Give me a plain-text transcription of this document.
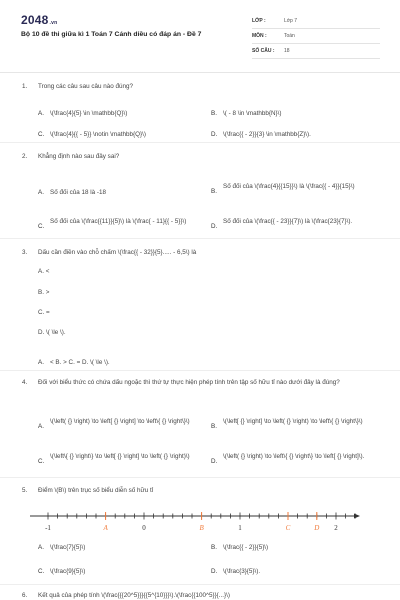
2048.vn
Bộ 10 đề thi giữa kì 1 Toán 7 Cánh diều có đáp án - Đề 7
LỚP :	Lớp 7
MÔN :	Toán
SỐ CÂU :	18
1.	Trong các câu sau câu nào đúng?
A. \(\frac{4}{5} \in \mathbb{Q}\)	B. \( - 8 \in \mathbb{N}\)
C. \(\frac{4}{{ - 5}} \notin \mathbb{Q}\)	D. \(\frac{{ - 2}}{3} \in \mathbb{Z}\).
2.	Khẳng định nào sau đây sai?
A. Số đối của 18 là -18	B.
Số đối của \(\frac{4}{{15}}\) là \(\frac{{ - 4}}{15}\)
C.
Số đối của \(\frac{{11}}{5}\) là \(\frac{ - 11}{{ - 5}}\)
D.
Số đối của \(\frac{{ - 23}}{7}\) là \(\frac{23}{7}\).
3.	Dấu cần điền vào chỗ chấm \(\frac{{ - 32}}{5}..... - 6,5\) là
A. <
B. >
C. =
D. \( \le \).
A. < B. > C. = D. \( \le \).
4.	Đối với biểu thức có chứa dấu ngoặc thì thứ tự thực hiện phép tính trên tập số hữu tỉ nào dưới đây là đúng?
A.
\(\left( {} \right) \to \left[ {} \right] \to \left\{ {} \right\}\)
B.
\(\left[ {} \right] \to \left( {} \right) \to \left\{ {} \right\}\)
C.
\(\left\{ {} \right\} \to \left[ {} \right] \to \left( {} \right)\)
D.
\(\left( {} \right) \to \left\{ {} \right\} \to \left[ {} \right]\).
5.	Điểm \(B\) trên trục số biểu diễn số hữu tỉ
-1	A	0	B	1	C	D 2
A. \(\frac{7}{5}\)	B. \(\frac{{ - 2}}{5}\)
C. \(\frac{9}{5}\)	D. \(\frac{3}{5}\).
6.	Kết quả của phép tính \(\frac{{{20^5}}}{{5^{10}}}\).\(\frac{{100^5}}{...}\)
